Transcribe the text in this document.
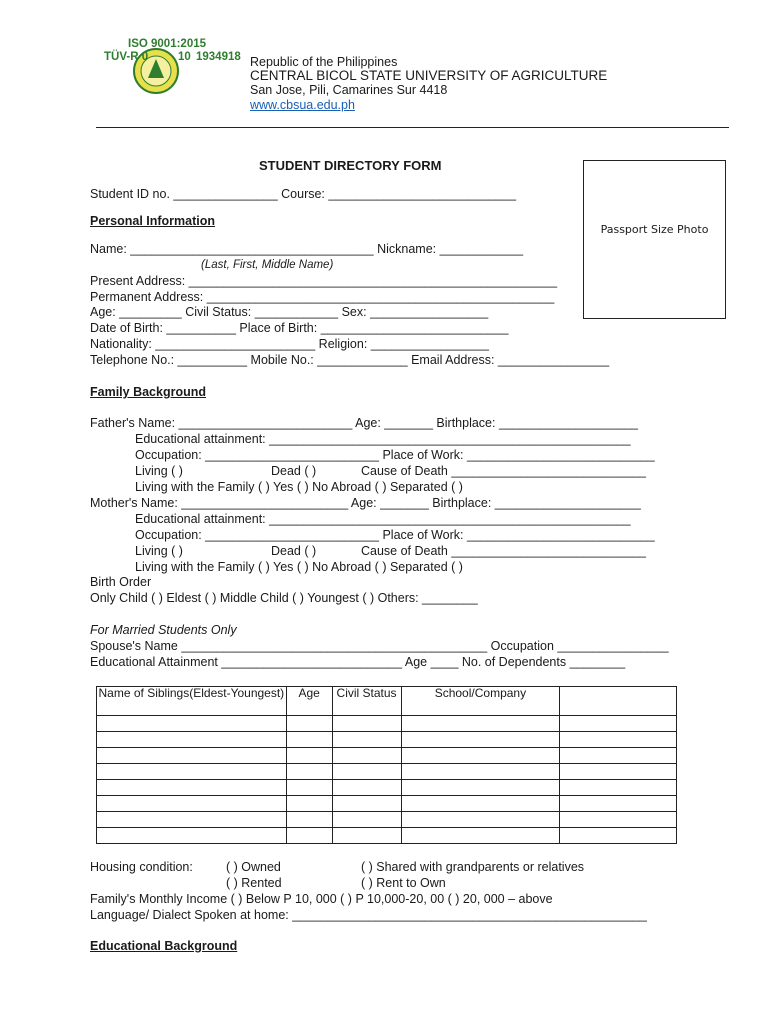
ISO 9001:2015
TÜV-R 0	10 1934918 Republic of the Philippines
CENTRAL BICOL STATE UNIVERSITY OF AGRICULTURE
San Jose, Pili, Camarines Sur 4418
www.cbsua.edu.ph
Passport Size Photo
STUDENT DIRECTORY FORM
Student ID no. _______________ Course: ___________________________
Personal Information
Name: ___________________________________ Nickname: ____________
(Last, First, Middle Name)
Present Address: _____________________________________________________
Permanent Address: __________________________________________________
Age: _________ Civil Status: ____________ Sex: _________________
Date of Birth: __________ Place of Birth: ___________________________
Nationality: _______________________ Religion: _________________
Telephone No.: __________ Mobile No.: _____________ Email Address: ________________
Family Background
Father's Name: _________________________ Age: _______ Birthplace: ____________________
Educational attainment: ____________________________________________________
Occupation: _________________________ Place of Work: ___________________________
Living ( )	Dead ( )	Cause of Death ____________________________
Living with the Family ( ) Yes ( ) No Abroad ( ) Separated ( )
Mother's Name: ________________________ Age: _______ Birthplace: _____________________
Educational attainment: ____________________________________________________
Occupation: _________________________ Place of Work: ___________________________
Living ( )	Dead ( )	Cause of Death ____________________________
Living with the Family ( ) Yes ( ) No Abroad ( ) Separated ( )
Birth Order
Only Child ( ) Eldest ( ) Middle Child ( ) Youngest ( ) Others: ________
For Married Students Only
Spouse's Name ____________________________________________ Occupation ________________
Educational Attainment __________________________ Age ____ No. of Dependents ________
Name of Siblings(Eldest-Youngest)	Age	Civil Status	School/Company	

Housing condition:	( ) Owned	( ) Shared with grandparents or relatives
( ) Rented	( ) Rent to Own
Family's Monthly Income ( ) Below P 10, 000 ( ) P 10,000-20, 00 ( ) 20, 000 – above
Language/ Dialect Spoken at home: ___________________________________________________
Educational Background
